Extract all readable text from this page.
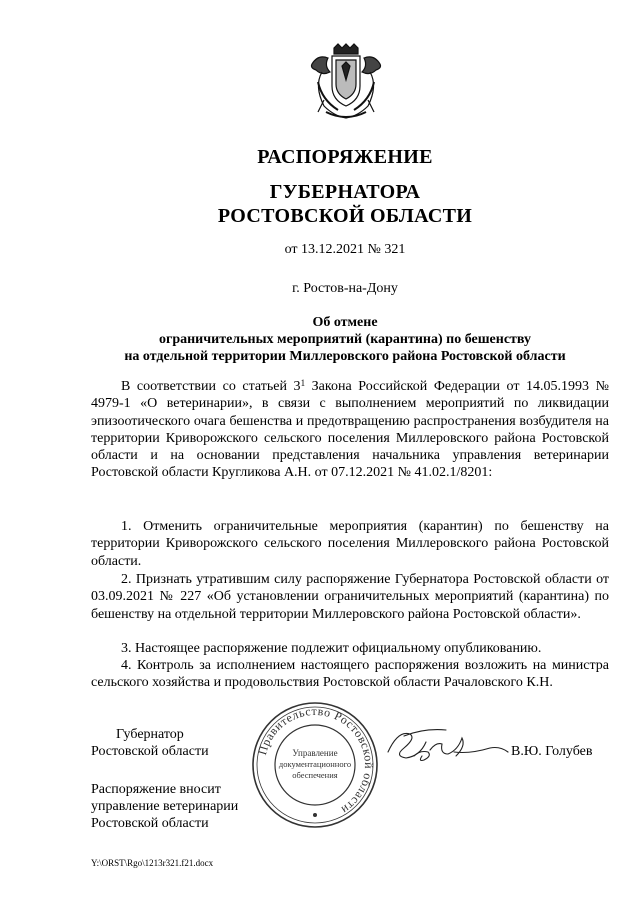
РАСПОРЯЖЕНИЕ
ГУБЕРНАТОРА
РОСТОВСКОЙ ОБЛАСТИ
от 13.12.2021 № 321
г. Ростов-на-Дону
Об отмене
ограничительных мероприятий (карантина) по бешенству
на отдельной территории Миллеровского района Ростовской области
В соответствии со статьей $3^1$ Закона Российской Федерации от 14.05.1993 № 4979-1 «О ветеринарии», в связи с выполнением мероприятий по ликвидации эпизоотического очага бешенства и предотвращению распространения возбудителя на территории Криворожского сельского поселения Миллеровского района Ростовской области и на основании представления начальника управления ветеринарии Ростовской области Кругликова А.Н. от 07.12.2021 № 41.02.1/8201:
1. Отменить ограничительные мероприятия (карантин) по бешенству на территории Криворожского сельского поселения Миллеровского района Ростовской области.
2. Признать утратившим силу распоряжение Губернатора Ростовской области от 03.09.2021 № 227 «Об установлении ограничительных мероприятий (карантина) по бешенству на отдельной территории Миллеровского района Ростовской области».
3. Настоящее распоряжение подлежит официальному опубликованию.
4. Контроль за исполнением настоящего распоряжения возложить на министра сельского хозяйства и продовольствия Ростовской области Рачаловского К.Н.
Губернатор
Ростовской области	Правительство Ростовской области
Управление
документационного
обеспечения
В.Ю. Голубев
Распоряжение вносит
управление ветеринарии
Ростовской области
Y:\ORST\Rgo\1213r321.f21.docx
